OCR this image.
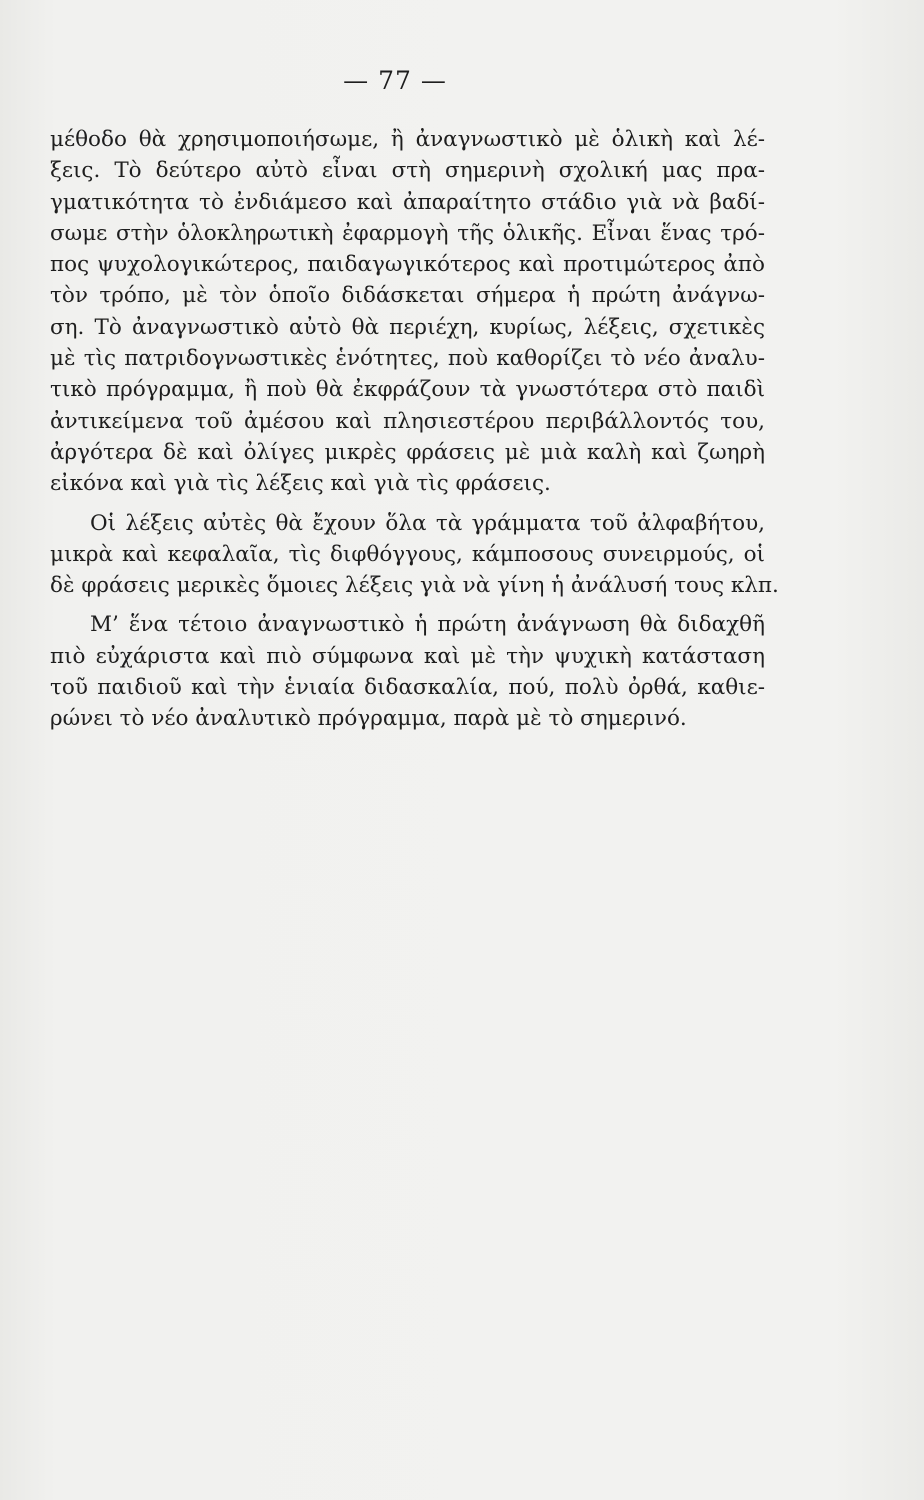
— 77 —
μέθοδο θὰ χρησιμοποιήσωμε, ἢ ἀναγνωστικὸ μὲ ὁλικὴ καὶ λέ-
ξεις. Τὸ δεύτερο αὐτὸ εἶναι στὴ σημερινὴ σχολική μας πρα-
γματικότητα τὸ ἐνδιάμεσο καὶ ἀπαραίτητο στάδιο γιὰ νὰ βαδί-
σωμε στὴν ὁλοκληρωτικὴ ἐφαρμογὴ τῆς ὁλικῆς. Εἶναι ἕνας τρό-
πος ψυχολογικώτερος, παιδαγωγικότερος καὶ προτιμώτερος ἀπὸ
τὸν τρόπο, μὲ τὸν ὁποῖο διδάσκεται σήμερα ἡ πρώτη ἀνάγνω-
ση. Τὸ ἀναγνωστικὸ αὐτὸ θὰ περιέχη, κυρίως, λέξεις, σχετικὲς
μὲ τὶς πατριδογνωστικὲς ἑνότητες, ποὺ καθορίζει τὸ νέο ἀναλυ-
τικὸ πρόγραμμα, ἢ ποὺ θὰ ἐκφράζουν τὰ γνωστότερα στὸ παιδὶ
ἀντικείμενα τοῦ ἀμέσου καὶ πλησιεστέρου περιβάλλοντός του,
ἀργότερα δὲ καὶ ὀλίγες μικρὲς φράσεις μὲ μιὰ καλὴ καὶ ζωηρὴ
εἰκόνα καὶ γιὰ τὶς λέξεις καὶ γιὰ τὶς φράσεις.
Οἱ λέξεις αὐτὲς θὰ ἔχουν ὅλα τὰ γράμματα τοῦ ἀλφαβήτου,
μικρὰ καὶ κεφαλαῖα, τὶς διφθόγγους, κάμποσους συνειρμούς, οἱ
δὲ φράσεις μερικὲς ὅμοιες λέξεις γιὰ νὰ γίνη ἡ ἀνάλυσή τους κλπ.
Μ’ ἕνα τέτοιο ἀναγνωστικὸ ἡ πρώτη ἀνάγνωση θὰ διδαχθῆ
πιὸ εὐχάριστα καὶ πιὸ σύμφωνα καὶ μὲ τὴν ψυχικὴ κατάσταση
τοῦ παιδιοῦ καὶ τὴν ἑνιαία διδασκαλία, πού, πολὺ ὀρθά, καθιε-
ρώνει τὸ νέο ἀναλυτικὸ πρόγραμμα, παρὰ μὲ τὸ σημερινό.
